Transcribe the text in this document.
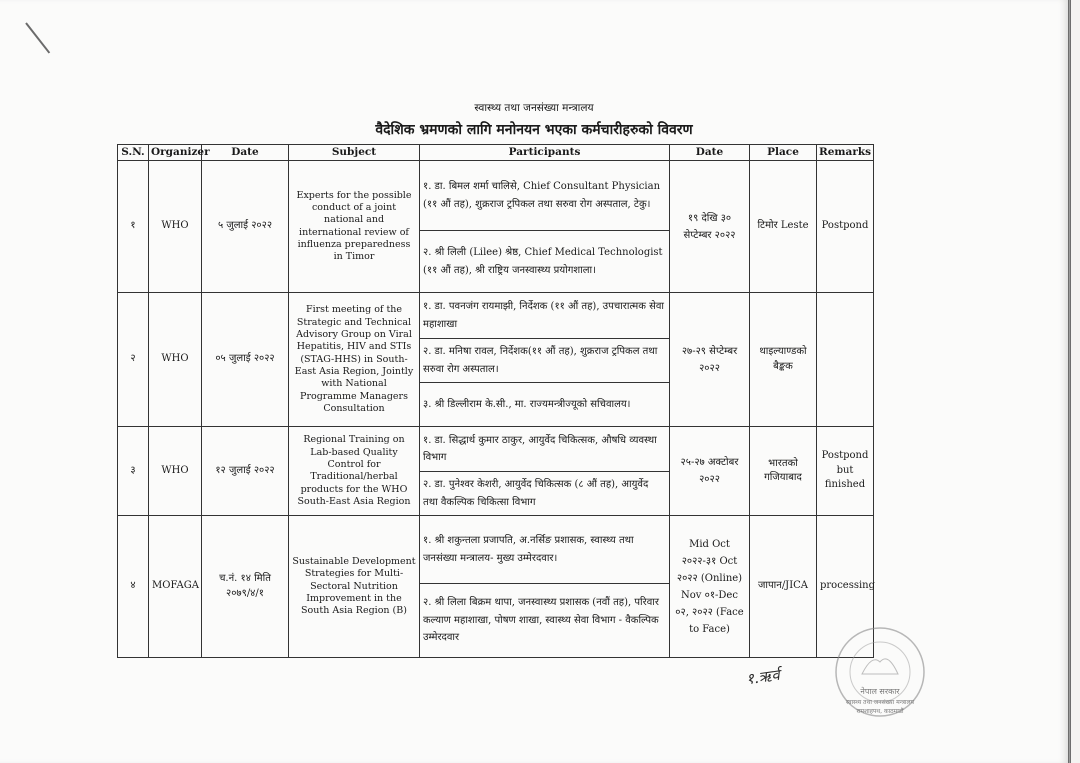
स्वास्थ्य तथा जनसंख्या मन्त्रालय
वैदेशिक भ्रमणको लागि मनोनयन भएका कर्मचारीहरुको विवरण
S.N.	Organizer	Date	Subject	Participants	Date	Place	Remarks
१	WHO	५ जुलाई २०२२	Experts for the possible conduct of a joint national and international review of influenza preparedness in Timor	१. डा. बिमल शर्मा चालिसे, Chief Consultant Physician (११ औं तह), शुक्रराज ट्रपिकल तथा सरुवा रोग अस्पताल, टेकु।	१९ देखि ३० सेप्टेम्बर २०२२	टिमोर Leste	Postpond
				२. श्री लिली (Lilee) श्रेष्ठ, Chief Medical Technologist (११ औं तह), श्री राष्ट्रिय जनस्वास्थ्य प्रयोगशाला।			
२	WHO	०५ जुलाई २०२२	First meeting of the Strategic and Technical Advisory Group on Viral Hepatitis, HIV and STIs (STAG-HHS) in South-East Asia Region, Jointly with National Programme Managers Consultation	१. डा. पवनजंग रायमाझी, निर्देशक (११ औं तह), उपचारात्मक सेवा महाशाखा	२७-२९ सेप्टेम्बर २०२२	थाइल्याण्डको बैङ्कक	
				२. डा. मनिषा रावल, निर्देशक(११ औं तह), शुक्रराज ट्रपिकल तथा सरुवा रोग अस्पताल।			
				३. श्री डिल्लीराम के.सी., मा. राज्यमन्त्रीज्यूको सचिवालय।			
३	WHO	१२ जुलाई २०२२	Regional Training on Lab-based Quality Control for Traditional/herbal products for the WHO South-East Asia Region	१. डा. सिद्धार्थ कुमार ठाकुर, आयुर्वेद चिकित्सक, औषधि व्यवस्था विभाग	२५-२७ अक्टोबर २०२२	भारतको गजियाबाद	Postpond but finished
				२. डा. पुनेश्वर केशरी, आयुर्वेद चिकित्सक (८ औं तह), आयुर्वेद तथा वैकल्पिक चिकित्सा विभाग			
४	MOFAGA	च.नं. १४ मिति २०७९/४/१	Sustainable Development Strategies for Multi-Sectoral Nutrition Improvement in the South Asia Region (B)	१. श्री शकुन्तला प्रजापति, अ.नर्सिङ प्रशासक, स्वास्थ्य तथा जनसंख्या मन्त्रालय- मुख्य उम्मेरदवार।	Mid Oct २०२२-३१ Oct २०२२ (Online) Nov ०१-Dec ०२, २०२२ (Face to Face)	जापान/JICA	processing
				२. श्री लिला बिक्रम थापा, जनस्वास्थ्य प्रशासक (नवौं तह), परिवार कल्याण महाशाखा, पोषण शाखा, स्वास्थ्य सेवा विभाग - वैकल्पिक उम्मेरदवार			
१.ऋर्व
नेपाल सरकार
स्वास्थ्य तथा जनसंख्या मन्त्रालय
रामशाहपथ, काठमाडौं
